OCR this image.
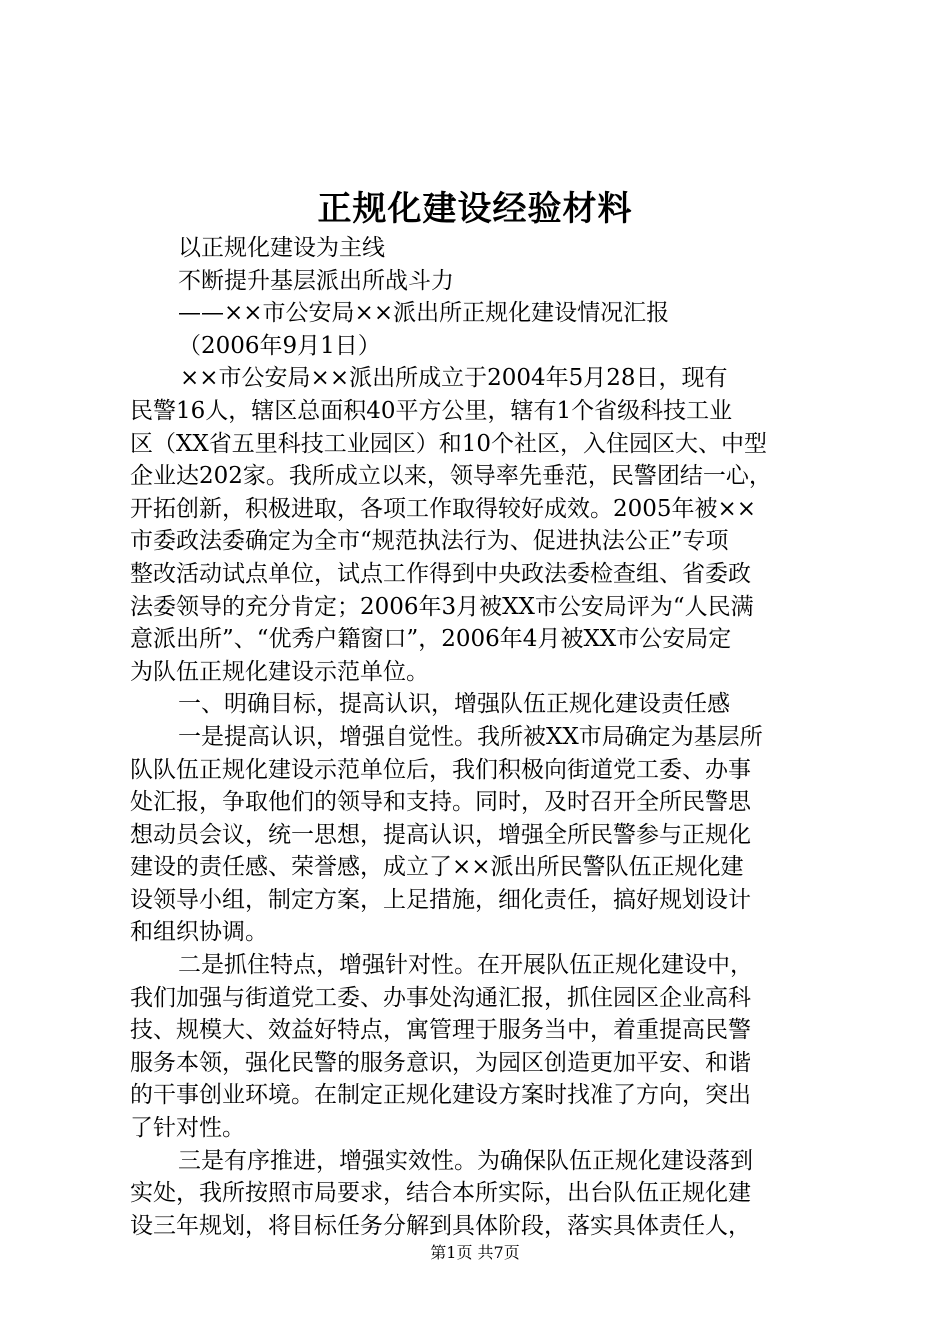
正规化建设经验材料
以正规化建设为主线
不断提升基层派出所战斗力
——××市公安局××派出所正规化建设情况汇报
（2006年9月1日）
××市公安局××派出所成立于2004年5月28日，现有
民警16人，辖区总面积40平方公里，辖有1个省级科技工业
区（XX省五里科技工业园区）和10个社区，入住园区大、中型
企业达202家。我所成立以来，领导率先垂范，民警团结一心，
开拓创新，积极进取，各项工作取得较好成效。2005年被××
市委政法委确定为全市“规范执法行为、促进执法公正”专项
整改活动试点单位，试点工作得到中央政法委检查组、省委政
法委领导的充分肯定；2006年3月被XX市公安局评为“人民满
意派出所”、“优秀户籍窗口”，2006年4月被XX市公安局定
为队伍正规化建设示范单位。
一、明确目标，提高认识，增强队伍正规化建设责任感
一是提高认识，增强自觉性。我所被XX市局确定为基层所
队队伍正规化建设示范单位后，我们积极向街道党工委、办事
处汇报，争取他们的领导和支持。同时，及时召开全所民警思
想动员会议，统一思想，提高认识，增强全所民警参与正规化
建设的责任感、荣誉感，成立了××派出所民警队伍正规化建
设领导小组，制定方案，上足措施，细化责任，搞好规划设计
和组织协调。
二是抓住特点，增强针对性。在开展队伍正规化建设中，
我们加强与街道党工委、办事处沟通汇报，抓住园区企业高科
技、规模大、效益好特点，寓管理于服务当中，着重提高民警
服务本领，强化民警的服务意识，为园区创造更加平安、和谐
的干事创业环境。在制定正规化建设方案时找准了方向，突出
了针对性。
三是有序推进，增强实效性。为确保队伍正规化建设落到
实处，我所按照市局要求，结合本所实际，出台队伍正规化建
设三年规划，将目标任务分解到具体阶段，落实具体责任人，
第1页 共7页
